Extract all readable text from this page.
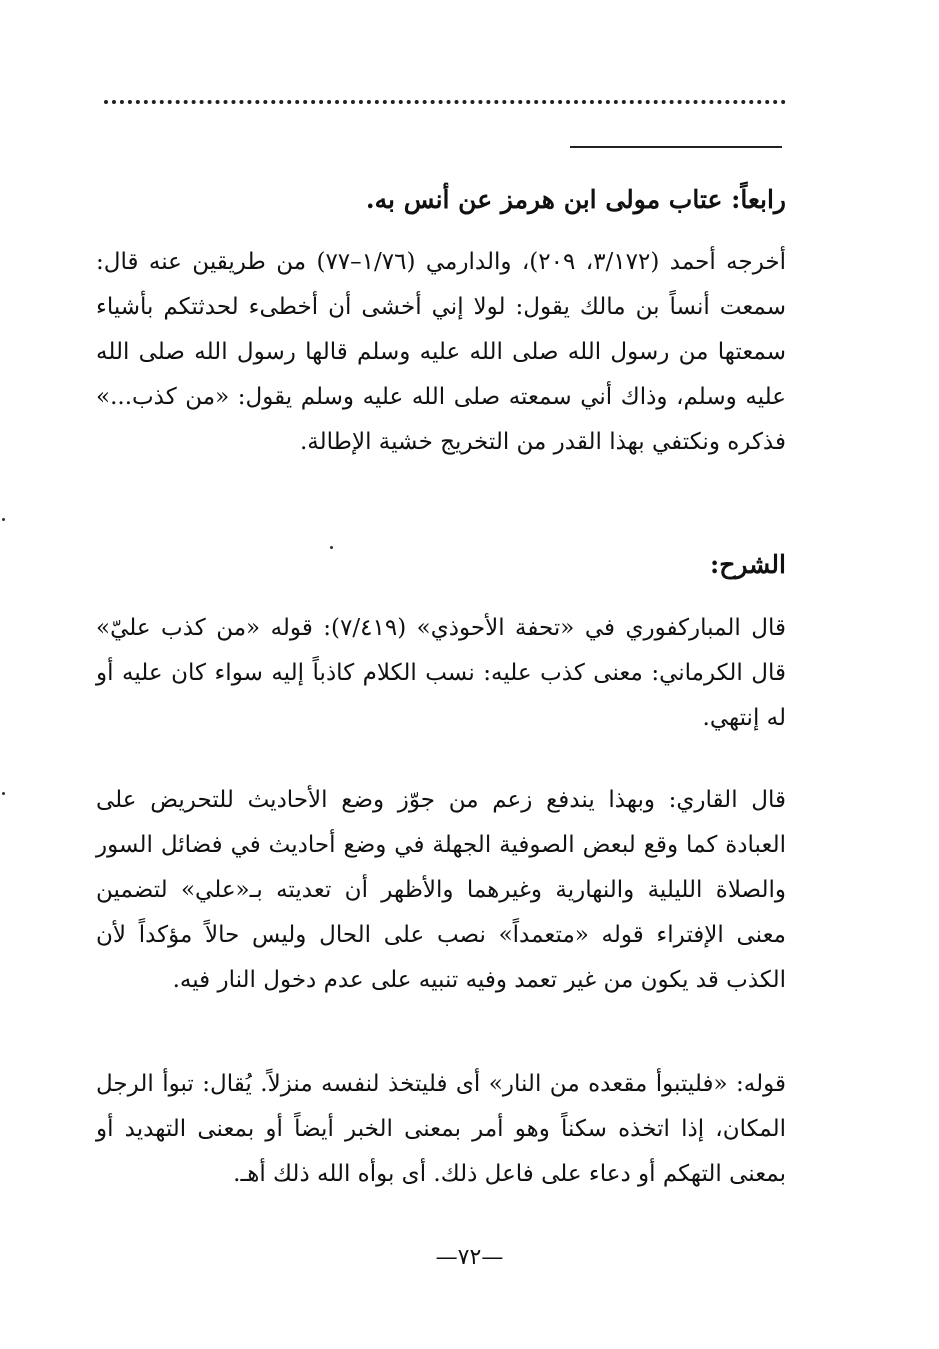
رابعاً: عتاب مولى ابن هرمز عن أنس به.

أخرجه أحمد (٣/١٧٢، ٢٠٩)، والدارمي (١/٧٦–٧٧) من طريقين عنه قال: سمعت أنساً بن مالك يقول: لولا إني أخشى أن أخطىء لحدثتكم بأشياء سمعتها من رسول الله صلى الله عليه وسلم قالها رسول الله صلى الله عليه وسلم، وذاك أني سمعته صلى الله عليه وسلم يقول: «من كذب...» فذكره ونكتفي بهذا القدر من التخريج خشية الإطالة.

الشرح:

قال المباركفوري في «تحفة الأحوذي» (٧/٤١٩): قوله «من كذب عليّ» قال الكرماني: معنى كذب عليه: نسب الكلام كاذباً إليه سواء كان عليه أو له إنتهي.

قال القاري: وبهذا يندفع زعم من جوّز وضع الأحاديث للتحريض على العبادة كما وقع لبعض الصوفية الجهلة في وضع أحاديث في فضائل السور والصلاة الليلية والنهارية وغيرهما والأظهر أن تعديته بـ«علي» لتضمين معنى الإفتراء قوله «متعمداً» نصب على الحال وليس حالاً مؤكداً لأن الكذب قد يكون من غير تعمد وفيه تنبيه على عدم دخول النار فيه.

قوله: «فليتبوأ مقعده من النار» أى فليتخذ لنفسه منزلاً. يُقال: تبوأ الرجل المكان، إذا اتخذه سكناً وهو أمر بمعنى الخبر أيضاً أو بمعنى التهديد أو بمعنى التهكم أو دعاء على فاعل ذلك. أى بوأه الله ذلك أهـ.

—٧٢—
